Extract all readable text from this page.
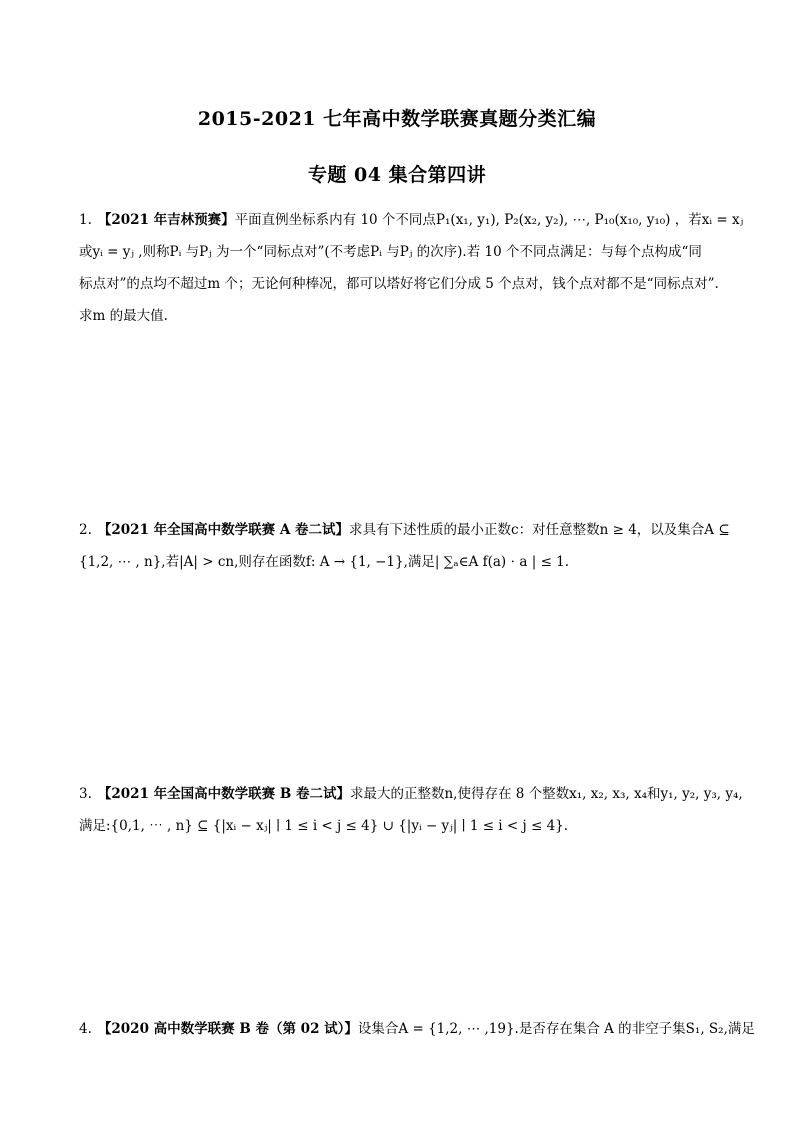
2015-2021 七年高中数学联赛真题分类汇编
专题 04 集合第四讲
1. 【2021 年吉林预赛】平面直例坐标系内有 10 个不同点P₁(x₁, y₁), P₂(x₂, y₂), ⋯, P₁₀(x₁₀, y₁₀) ，若xᵢ = xⱼ
或yᵢ = yⱼ ,则称Pᵢ 与Pⱼ 为一个“同标点对”(不考虑Pᵢ 与Pⱼ 的次序).若 10 个不同点满足：与每个点构成“同
标点对”的点均不超过m 个；无论何种棒况，都可以塔好将它们分成 5 个点对，钱个点对都不是“同标点对”.
求m 的最大值.
2. 【2021 年全国高中数学联赛 A 卷二试】求具有下述性质的最小正数c：对任意整数n ≥ 4，以及集合A ⊆
{1,2, ⋯ , n},若|A| > cn,则存在函数f: A → {1, −1},满足| ∑ₐ∈A f(a) ⋅ a | ≤ 1.
3. 【2021 年全国高中数学联赛 B 卷二试】求最大的正整数n,使得存在 8 个整数x₁, x₂, x₃, x₄和y₁, y₂, y₃, y₄,
满足:{0,1, ⋯ , n} ⊆ {|xᵢ − xⱼ| ∣ 1 ≤ i < j ≤ 4} ∪ {|yᵢ − yⱼ| ∣ 1 ≤ i < j ≤ 4}.
4. 【2020 高中数学联赛 B 卷（第 02 试）】设集合A = {1,2, ⋯ ,19}.是否存在集合 A 的非空子集S₁, S₂,满足
